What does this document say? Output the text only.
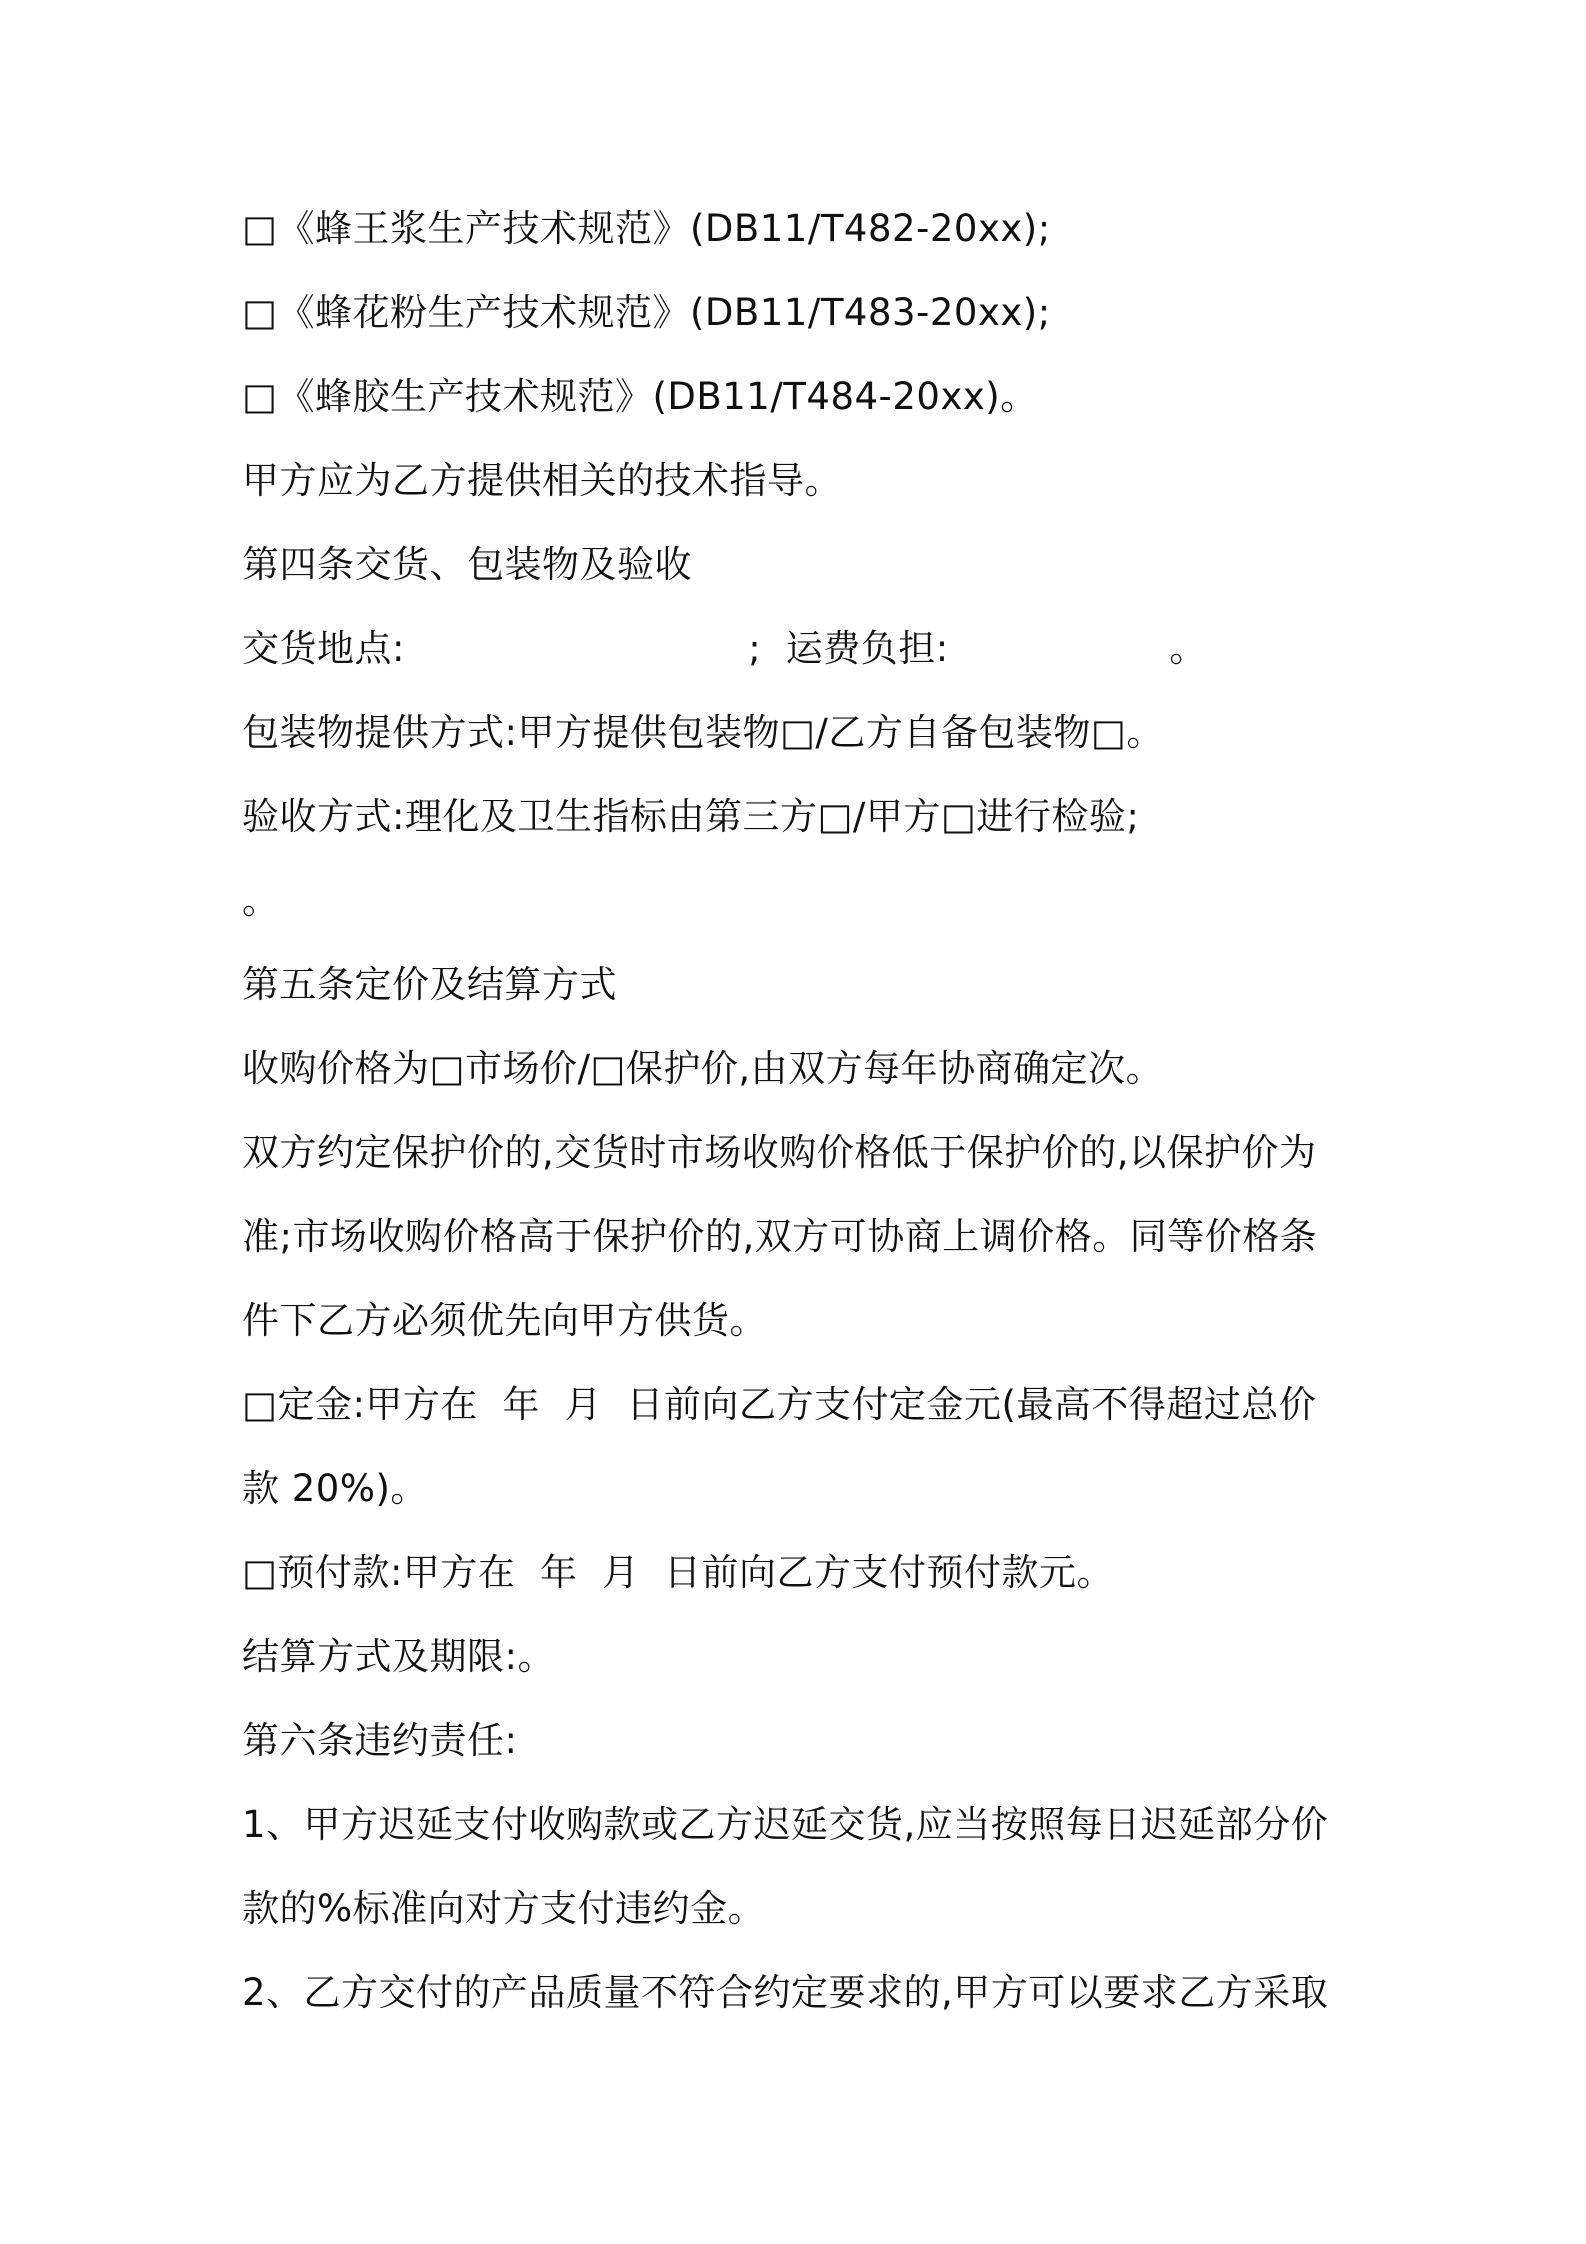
□《蜂王浆生产技术规范》(DB11/T482-20xx);
□《蜂花粉生产技术规范》(DB11/T483-20xx);
□《蜂胶生产技术规范》(DB11/T484-20xx)。
甲方应为乙方提供相关的技术指导。
第四条交货、包装物及验收
交货地点:                            ;  运费负担:                  。
包装物提供方式:甲方提供包装物□/乙方自备包装物□。
验收方式:理化及卫生指标由第三方□/甲方□进行检验;
。
第五条定价及结算方式
收购价格为□市场价/□保护价,由双方每年协商确定次。
双方约定保护价的,交货时市场收购价格低于保护价的,以保护价为
准;市场收购价格高于保护价的,双方可协商上调价格。同等价格条
件下乙方必须优先向甲方供货。
□定金:甲方在  年  月  日前向乙方支付定金元(最高不得超过总价
款 20%)。
□预付款:甲方在  年  月  日前向乙方支付预付款元。
结算方式及期限:。
第六条违约责任:
1、甲方迟延支付收购款或乙方迟延交货,应当按照每日迟延部分价
款的%标准向对方支付违约金。
2、乙方交付的产品质量不符合约定要求的,甲方可以要求乙方采取
